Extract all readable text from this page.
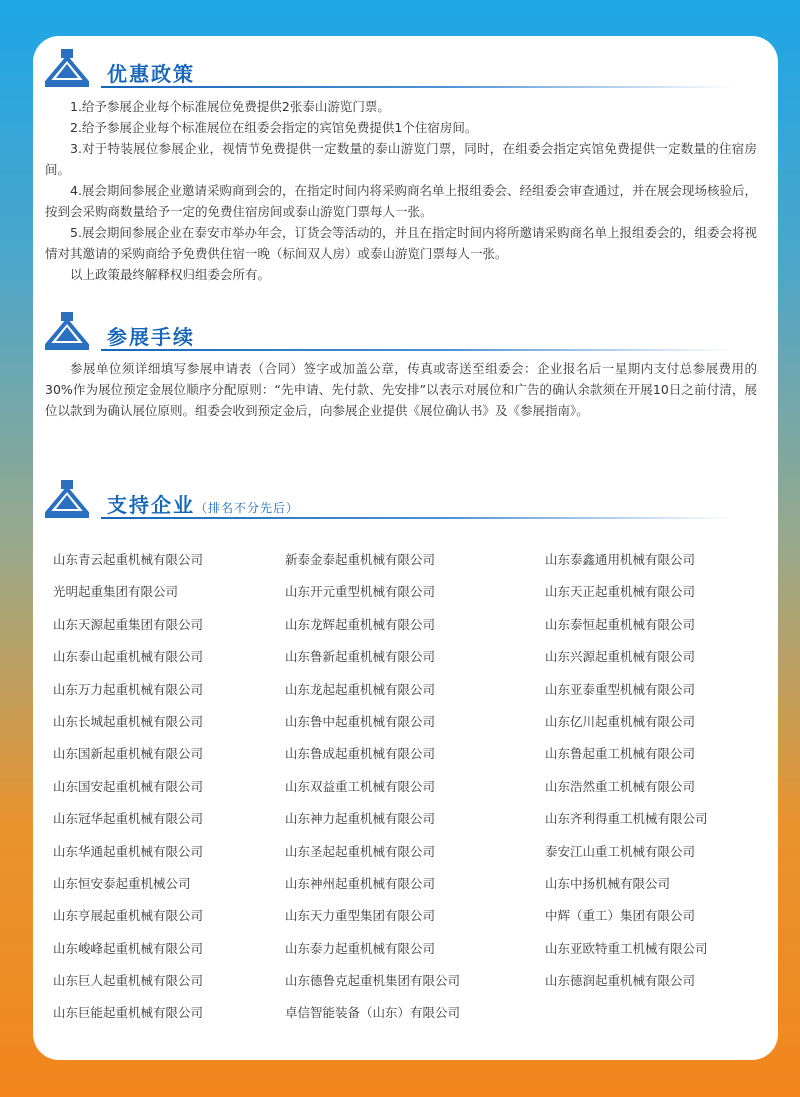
优惠政策

1.给予参展企业每个标准展位免费提供2张泰山游览门票。

2.给予参展企业每个标准展位在组委会指定的宾馆免费提供1个住宿房间。

3.对于特装展位参展企业，视情节免费提供一定数量的泰山游览门票，同时，在组委会指定宾馆免费提供一定数量的住宿房间。

4.展会期间参展企业邀请采购商到会的，在指定时间内将采购商名单上报组委会、经组委会审查通过，并在展会现场核验后，按到会采购商数量给予一定的免费住宿房间或泰山游览门票每人一张。

5.展会期间参展企业在泰安市举办年会，订货会等活动的，并且在指定时间内将所邀请采购商名单上报组委会的，组委会将视情对其邀请的采购商给予免费供住宿一晚（标间双人房）或泰山游览门票每人一张。

以上政策最终解释权归组委会所有。

参展手续

参展单位须详细填写参展申请表（合同）签字或加盖公章，传真或寄送至组委会：企业报名后一星期内支付总参展费用的30%作为展位预定金展位顺序分配原则：“先申请、先付款、先安排”以表示对展位和广告的确认余款须在开展10日之前付清，展位以款到为确认展位原则。组委会收到预定金后，向参展企业提供《展位确认书》及《参展指南》。

支持企业（排名不分先后）
山东青云起重机械有限公司
光明起重集团有限公司
山东天源起重集团有限公司
山东泰山起重机械有限公司
山东万力起重机械有限公司
山东长城起重机械有限公司
山东国新起重机械有限公司
山东国安起重机械有限公司
山东冠华起重机械有限公司
山东华通起重机械有限公司
山东恒安泰起重机械公司
山东亨展起重机械有限公司
山东峻峰起重机械有限公司
山东巨人起重机械有限公司
山东巨能起重机械有限公司
新泰金泰起重机械有限公司
山东开元重型机械有限公司
山东龙辉起重机械有限公司
山东鲁新起重机械有限公司
山东龙起起重机械有限公司
山东鲁中起重机械有限公司
山东鲁成起重机械有限公司
山东双益重工机械有限公司
山东神力起重机械有限公司
山东圣起起重机械有限公司
山东神州起重机械有限公司
山东天力重型集团有限公司
山东泰力起重机械有限公司
山东德鲁克起重机集团有限公司
卓信智能装备（山东）有限公司
山东泰鑫通用机械有限公司
山东天正起重机械有限公司
山东泰恒起重机械有限公司
山东兴源起重机械有限公司
山东亚泰重型机械有限公司
山东亿川起重机械有限公司
山东鲁起重工机械有限公司
山东浩然重工机械有限公司
山东齐利得重工机械有限公司
泰安江山重工机械有限公司
山东中扬机械有限公司
中辉（重工）集团有限公司
山东亚欧特重工机械有限公司
山东德润起重机械有限公司
